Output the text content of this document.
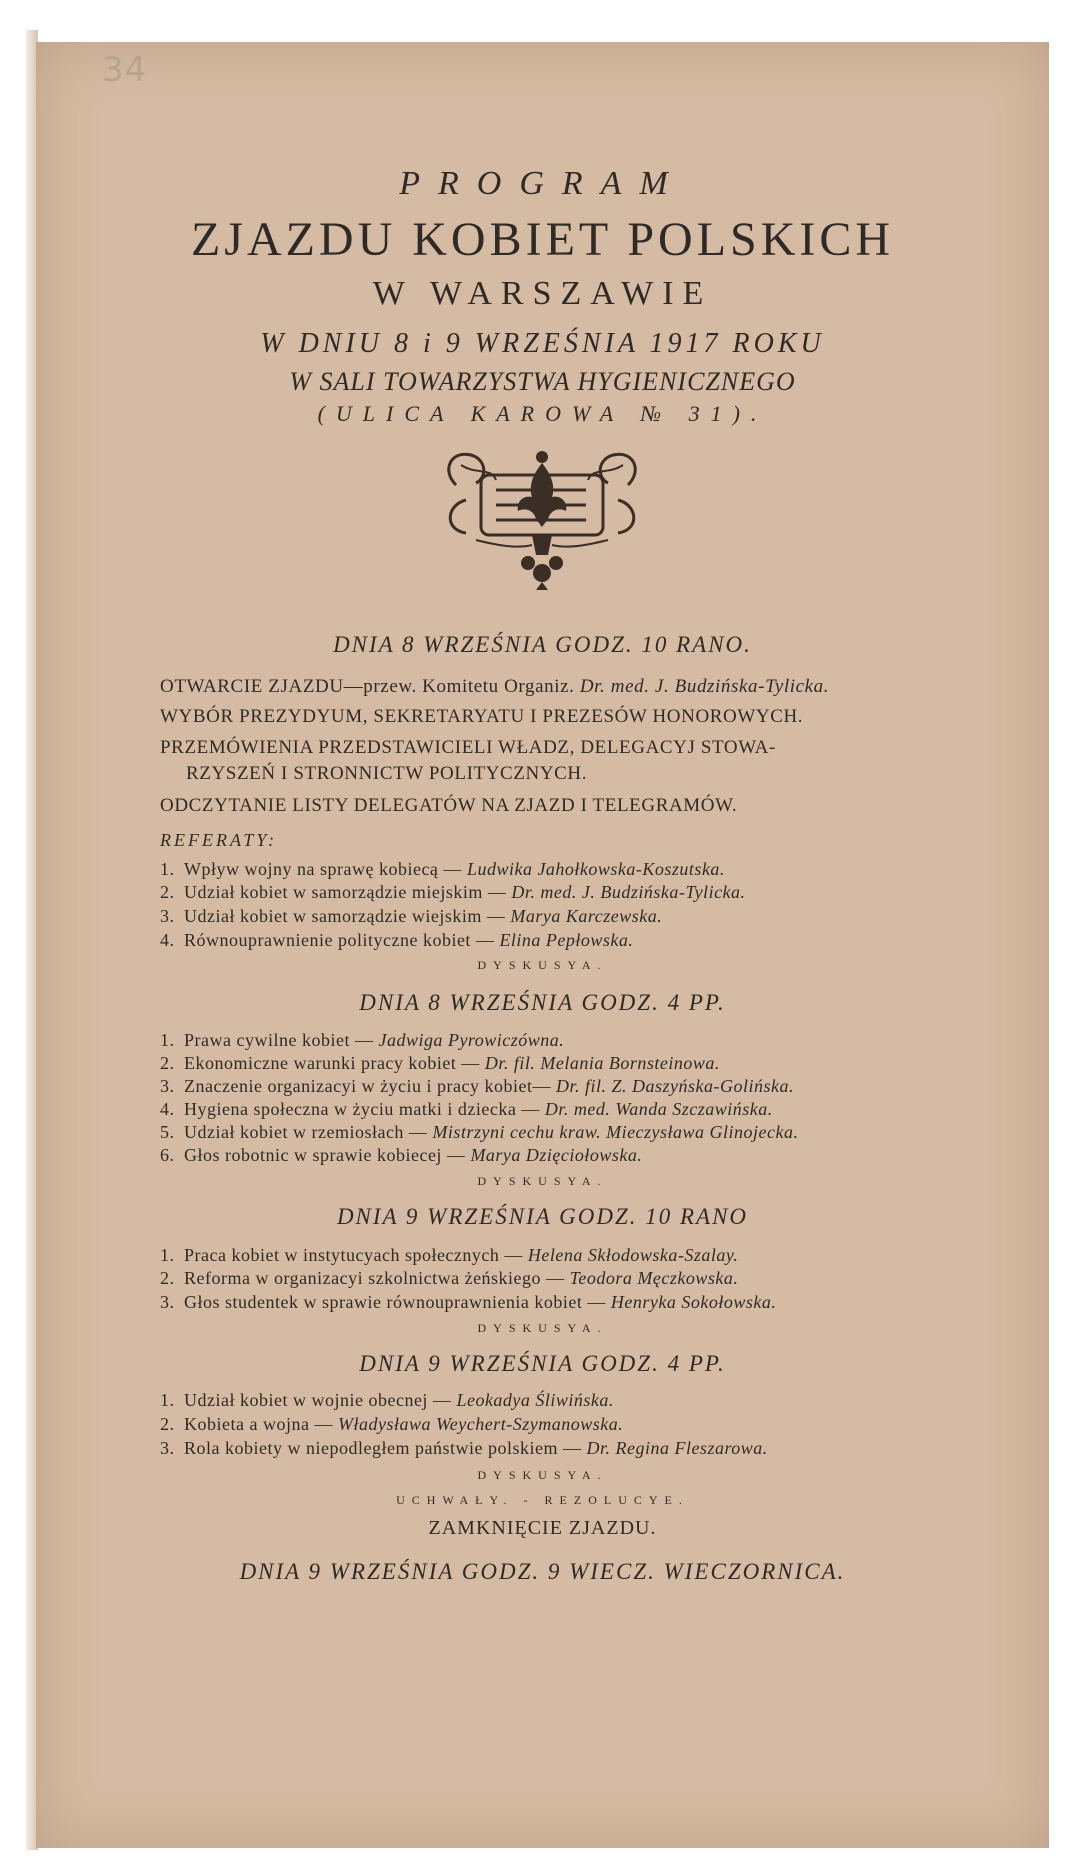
34
PROGRAM
ZJAZDU KOBIET POLSKICH
W WARSZAWIE
W DNIU 8 i 9 WRZEŚNIA 1917 ROKU
W SALI TOWARZYSTWA HYGIENICZNEGO
(ULICA KAROWA № 31).
DNIA 8 WRZEŚNIA GODZ. 10 RANO.
OTWARCIE ZJAZDU—przew. Komitetu Organiz. Dr. med. J. Budzińska-Tylicka.
WYBÓR PREZYDYUM, SEKRETARYATU I PREZESÓW HONOROWYCH.
PRZEMÓWIENIA PRZEDSTAWICIELI WŁADZ, DELEGACYJ STOWA-
RZYSZEŃ I STRONNICTW POLITYCZNYCH.
ODCZYTANIE LISTY DELEGATÓW NA ZJAZD I TELEGRAMÓW.
REFERATY:
1. Wpływ wojny na sprawę kobiecą — Ludwika Jahołkowska-Koszutska.
2. Udział kobiet w samorządzie miejskim — Dr. med. J. Budzińska-Tylicka.
3. Udział kobiet w samorządzie wiejskim — Marya Karczewska.
4. Równouprawnienie polityczne kobiet — Elina Pepłowska.
DYSKUSYA.
DNIA 8 WRZEŚNIA GODZ. 4 PP.
1. Prawa cywilne kobiet — Jadwiga Pyrowiczówna.
2. Ekonomiczne warunki pracy kobiet — Dr. fil. Melania Bornsteinowa.
3. Znaczenie organizacyi w życiu i pracy kobiet— Dr. fil. Z. Daszyńska-Golińska.
4. Hygiena społeczna w życiu matki i dziecka — Dr. med. Wanda Szczawińska.
5. Udział kobiet w rzemiosłach — Mistrzyni cechu kraw. Mieczysława Glinojecka.
6. Głos robotnic w sprawie kobiecej — Marya Dzięciołowska.
DYSKUSYA.
DNIA 9 WRZEŚNIA GODZ. 10 RANO
1. Praca kobiet w instytucyach społecznych — Helena Skłodowska-Szalay.
2. Reforma w organizacyi szkolnictwa żeńskiego — Teodora Męczkowska.
3. Głos studentek w sprawie równouprawnienia kobiet — Henryka Sokołowska.
DYSKUSYA.
DNIA 9 WRZEŚNIA GODZ. 4 PP.
1. Udział kobiet w wojnie obecnej — Leokadya Śliwińska.
2. Kobieta a wojna — Władysława Weychert-Szymanowska.
3. Rola kobiety w niepodległem państwie polskiem — Dr. Regina Fleszarowa.
DYSKUSYA.
UCHWAŁY. - REZOLUCYE.
ZAMKNIĘCIE ZJAZDU.
DNIA 9 WRZEŚNIA GODZ. 9 WIECZ. WIECZORNICA.
